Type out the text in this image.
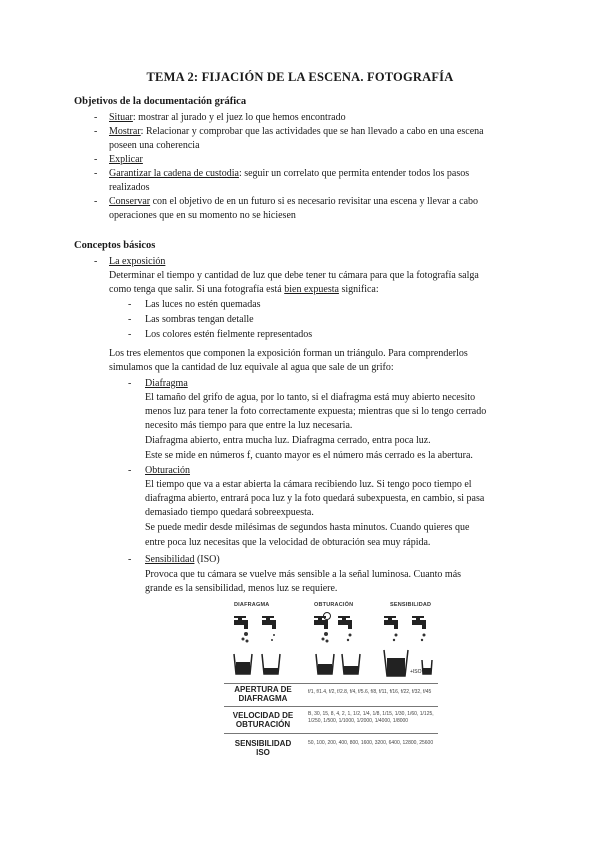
TEMA 2: FIJACIÓN DE LA ESCENA. FOTOGRAFÍA
Objetivos de la documentación gráfica
- Situar: mostrar al jurado y el juez lo que hemos encontrado
- Mostrar: Relacionar y comprobar que las actividades que se han llevado a cabo en una escena
poseen una coherencia
- Explicar
- Garantizar la cadena de custodia: seguir un correlato que permita entender todos los pasos
realizados
- Conservar con el objetivo de en un futuro si es necesario revisitar una escena y llevar a cabo
operaciones que en su momento no se hiciesen
Conceptos básicos
- La exposición
Determinar el tiempo y cantidad de luz que debe tener tu cámara para que la fotografía salga
como tenga que salir. Si una fotografía está bien expuesta significa:
- Las luces no estén quemadas
- Las sombras tengan detalle
- Los colores estén fielmente representados
Los tres elementos que componen la exposición forman un triángulo. Para comprenderlos
simulamos que la cantidad de luz equivale al agua que sale de un grifo:
- Diafragma
El tamaño del grifo de agua, por lo tanto, si el diafragma está muy abierto necesito
menos luz para tener la foto correctamente expuesta; mientras que si lo tengo cerrado
necesito más tiempo para que entre la luz necesaria.
Diafragma abierto, entra mucha luz. Diafragma cerrado, entra poca luz.
Este se mide en números f, cuanto mayor es el número más cerrado es la abertura.
- Obturación
El tiempo que va a estar abierta la cámara recibiendo luz. Si tengo poco tiempo el
diafragma abierto, entrará poca luz y la foto quedará subexpuesta, en cambio, si pasa
demasiado tiempo quedará sobreexpuesta.
Se puede medir desde milésimas de segundos hasta minutos. Cuando quieres que
entre poca luz necesitas que la velocidad de obturación sea muy rápida.
- Sensibilidad (ISO)
Provoca que tu cámara se vuelve más sensible a la señal luminosa. Cuanto más
grande es la sensibilidad, menos luz se requiere.
DIAFRAGMA	OBTURACIÓN	SENSIBILIDAD
+ISO
APERTURA DE
DIAFRAGMA
f/1, f/1.4, f/2, f/2.8, f/4, f/5.6, f/8, f/11, f/16, f/22, f/32, f/45
VELOCIDAD DE
OBTURACIÓN
B, 30, 15, 8, 4, 2, 1, 1/2, 1/4, 1/8, 1/15, 1/30, 1/60, 1/125, 1/250, 1/500, 1/1000, 1/2000, 1/4000, 1/8000
SENSIBILIDAD
ISO
50, 100, 200, 400, 800, 1600, 3200, 6400, 12800, 25600
